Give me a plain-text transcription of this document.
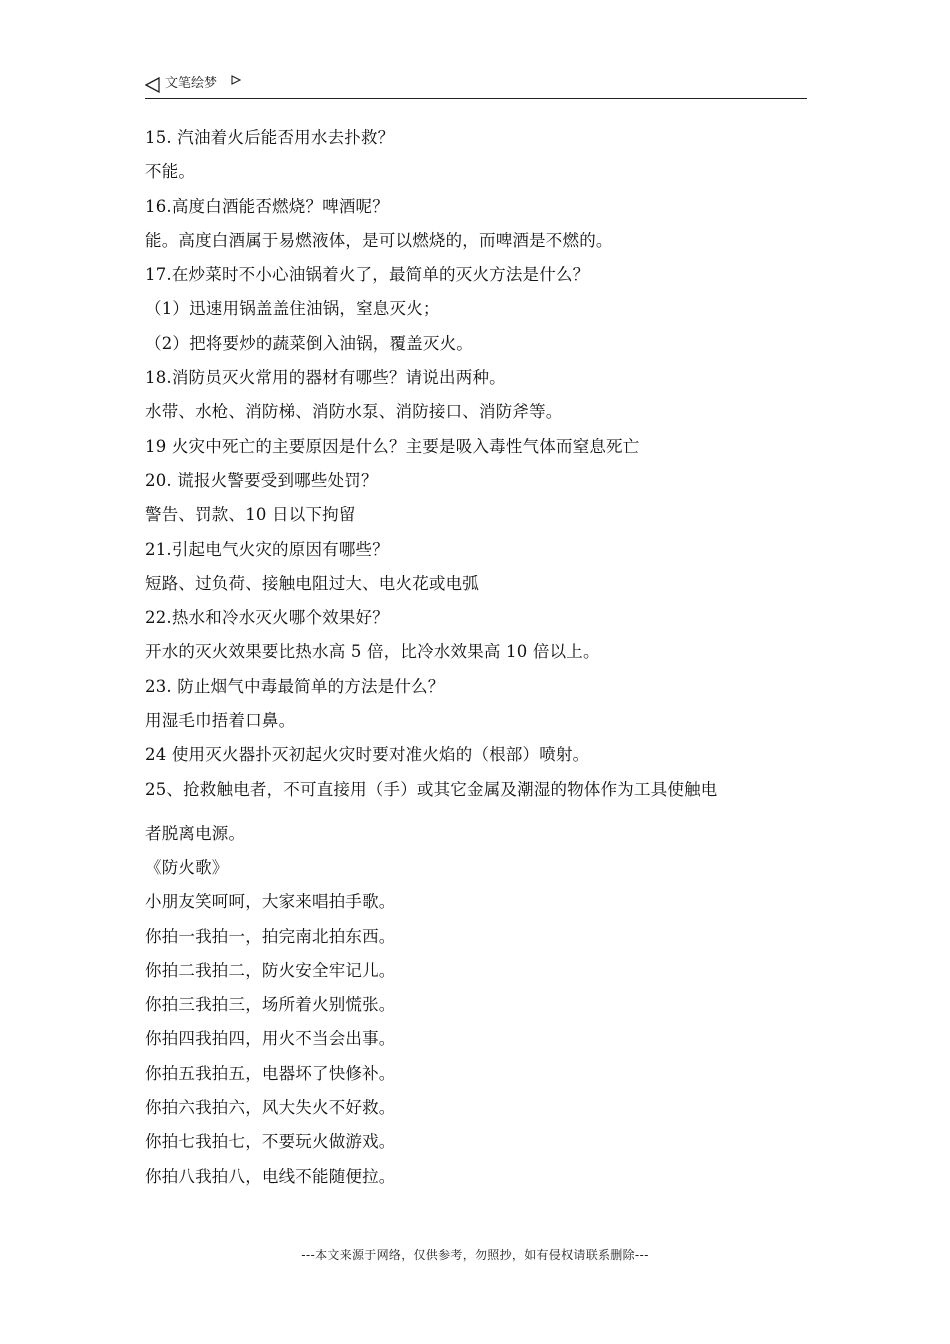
文笔绘梦
15. 汽油着火后能否用水去扑救？
不能。
16.高度白酒能否燃烧？啤酒呢？
能。高度白酒属于易燃液体，是可以燃烧的，而啤酒是不燃的。
17.在炒菜时不小心油锅着火了，最简单的灭火方法是什么？
（1）迅速用锅盖盖住油锅，窒息灭火；
（2）把将要炒的蔬菜倒入油锅，覆盖灭火。
18.消防员灭火常用的器材有哪些？请说出两种。
水带、水枪、消防梯、消防水泵、消防接口、消防斧等。
19 火灾中死亡的主要原因是什么？主要是吸入毒性气体而窒息死亡
20. 谎报火警要受到哪些处罚？
警告、罚款、10 日以下拘留
21.引起电气火灾的原因有哪些？
短路、过负荷、接触电阻过大、电火花或电弧
22.热水和冷水灭火哪个效果好？
开水的灭火效果要比热水高 5 倍，比冷水效果高 10 倍以上。
23. 防止烟气中毒最简单的方法是什么？
用湿毛巾捂着口鼻。
24 使用灭火器扑灭初起火灾时要对准火焰的（根部）喷射。
25、抢救触电者，不可直接用（手）或其它金属及潮湿的物体作为工具使触电
者脱离电源。
《防火歌》
小朋友笑呵呵，大家来唱拍手歌。
你拍一我拍一，拍完南北拍东西。
你拍二我拍二，防火安全牢记儿。
你拍三我拍三，场所着火别慌张。
你拍四我拍四，用火不当会出事。
你拍五我拍五，电器坏了快修补。
你拍六我拍六，风大失火不好救。
你拍七我拍七，不要玩火做游戏。
你拍八我拍八，电线不能随便拉。
---本文来源于网络，仅供参考，勿照抄，如有侵权请联系删除---
